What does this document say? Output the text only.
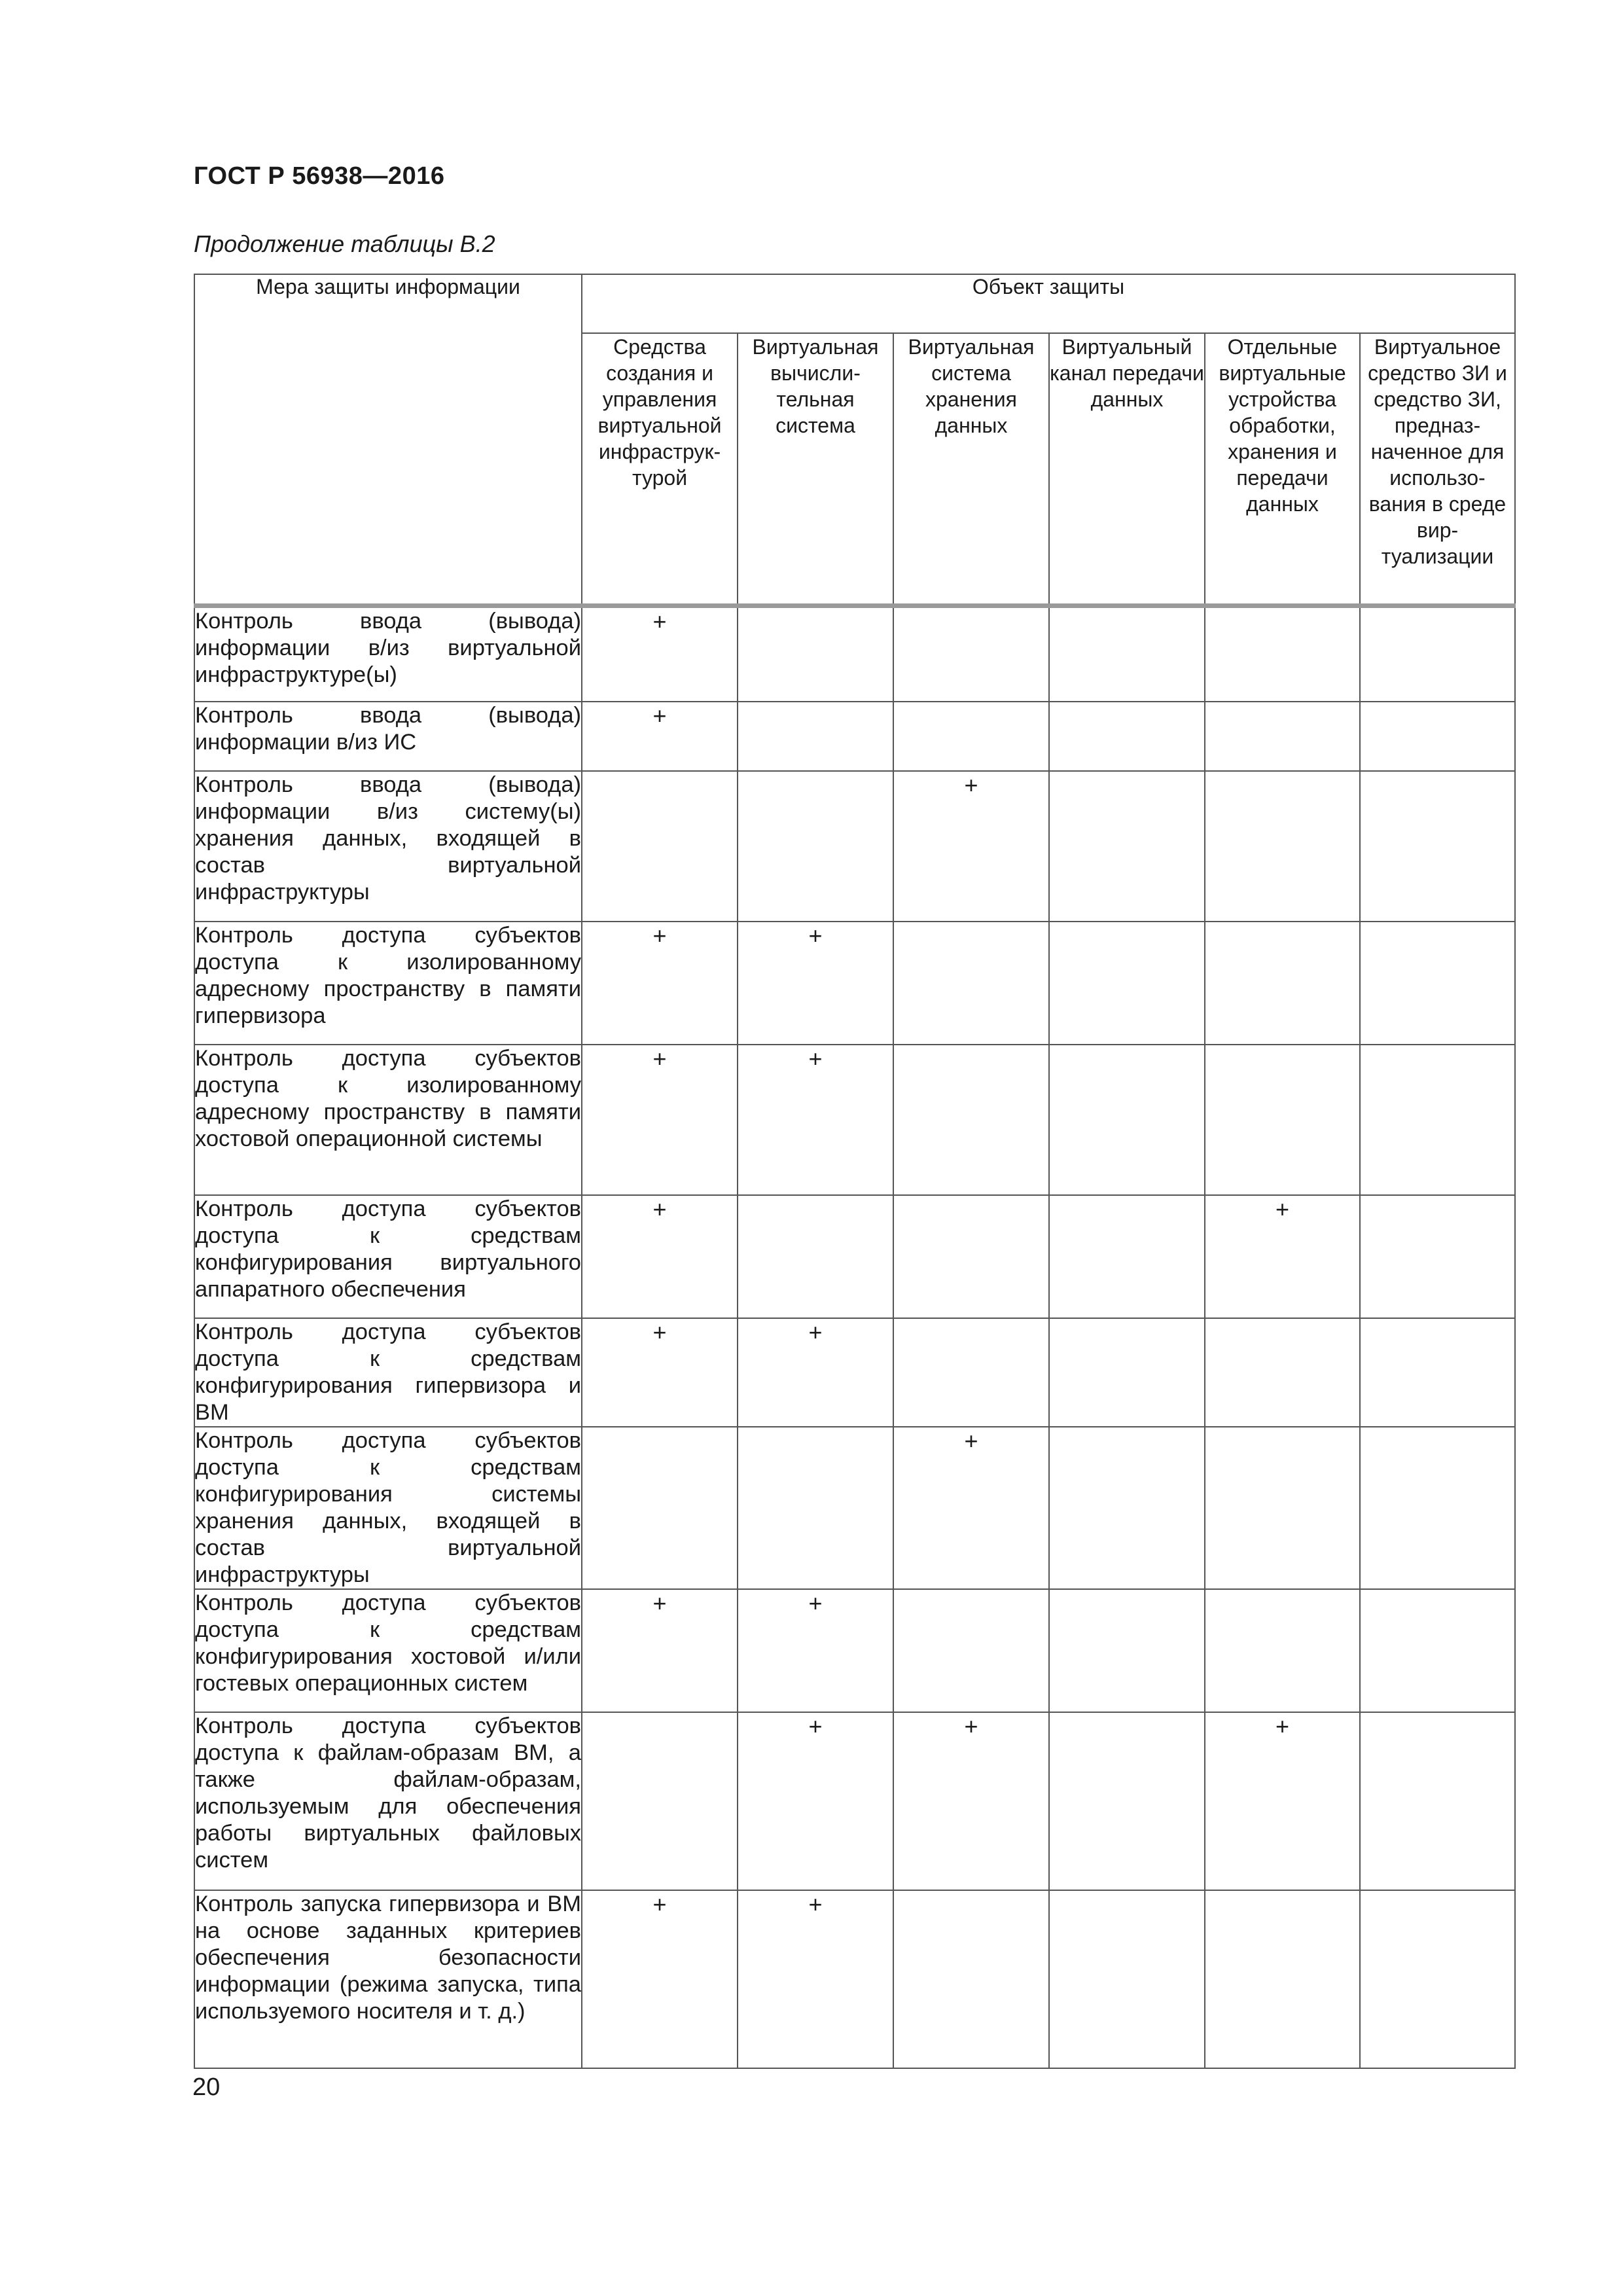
ГОСТ Р 56938—2016
Продолжение таблицы В.2
Мера защиты информации	Объект защиты					
	Средства создания и управления виртуальной инфраструк- турой	Виртуальная вычисли- тельная система	Виртуальная система хранения данных	Виртуальный канал передачи данных	Отдельные виртуальные устройства обработки, хранения и передачи данных	Виртуальное средство ЗИ и средство ЗИ, предназ- наченное для использо- вания в среде вир- туализации
Контроль ввода (вывода) информации в/из виртуальной инфраструктуре(ы)	+					
Контроль ввода (вывода) информации в/из ИС	+					
Контроль ввода (вывода) информации в/из систему(ы) хранения данных, входящей в состав виртуальной инфраструктуры			+			
Контроль доступа субъектов доступа к изолированному адресному пространству в памяти гипервизора	+	+				
Контроль доступа субъектов доступа к изолированному адресному пространству в памяти хостовой операционной системы	+	+				
Контроль доступа субъектов доступа к средствам конфигурирования виртуального аппаратного обеспечения	+				+	
Контроль доступа субъектов доступа к средствам конфигурирования гипервизора и ВМ	+	+				
Контроль доступа субъектов доступа к средствам конфигурирования системы хранения данных, входящей в состав виртуальной инфраструктуры			+			
Контроль доступа субъектов доступа к средствам конфигурирования хостовой и/или гостевых операционных систем	+	+				
Контроль доступа субъектов доступа к файлам-образам ВМ, а также файлам-образам, используемым для обеспечения работы виртуальных файловых систем		+	+		+	
Контроль запуска гипервизора и ВМ на основе заданных критериев обеспечения безопасности информации (режима запуска, типа используемого носителя и т. д.)	+	+				
20
